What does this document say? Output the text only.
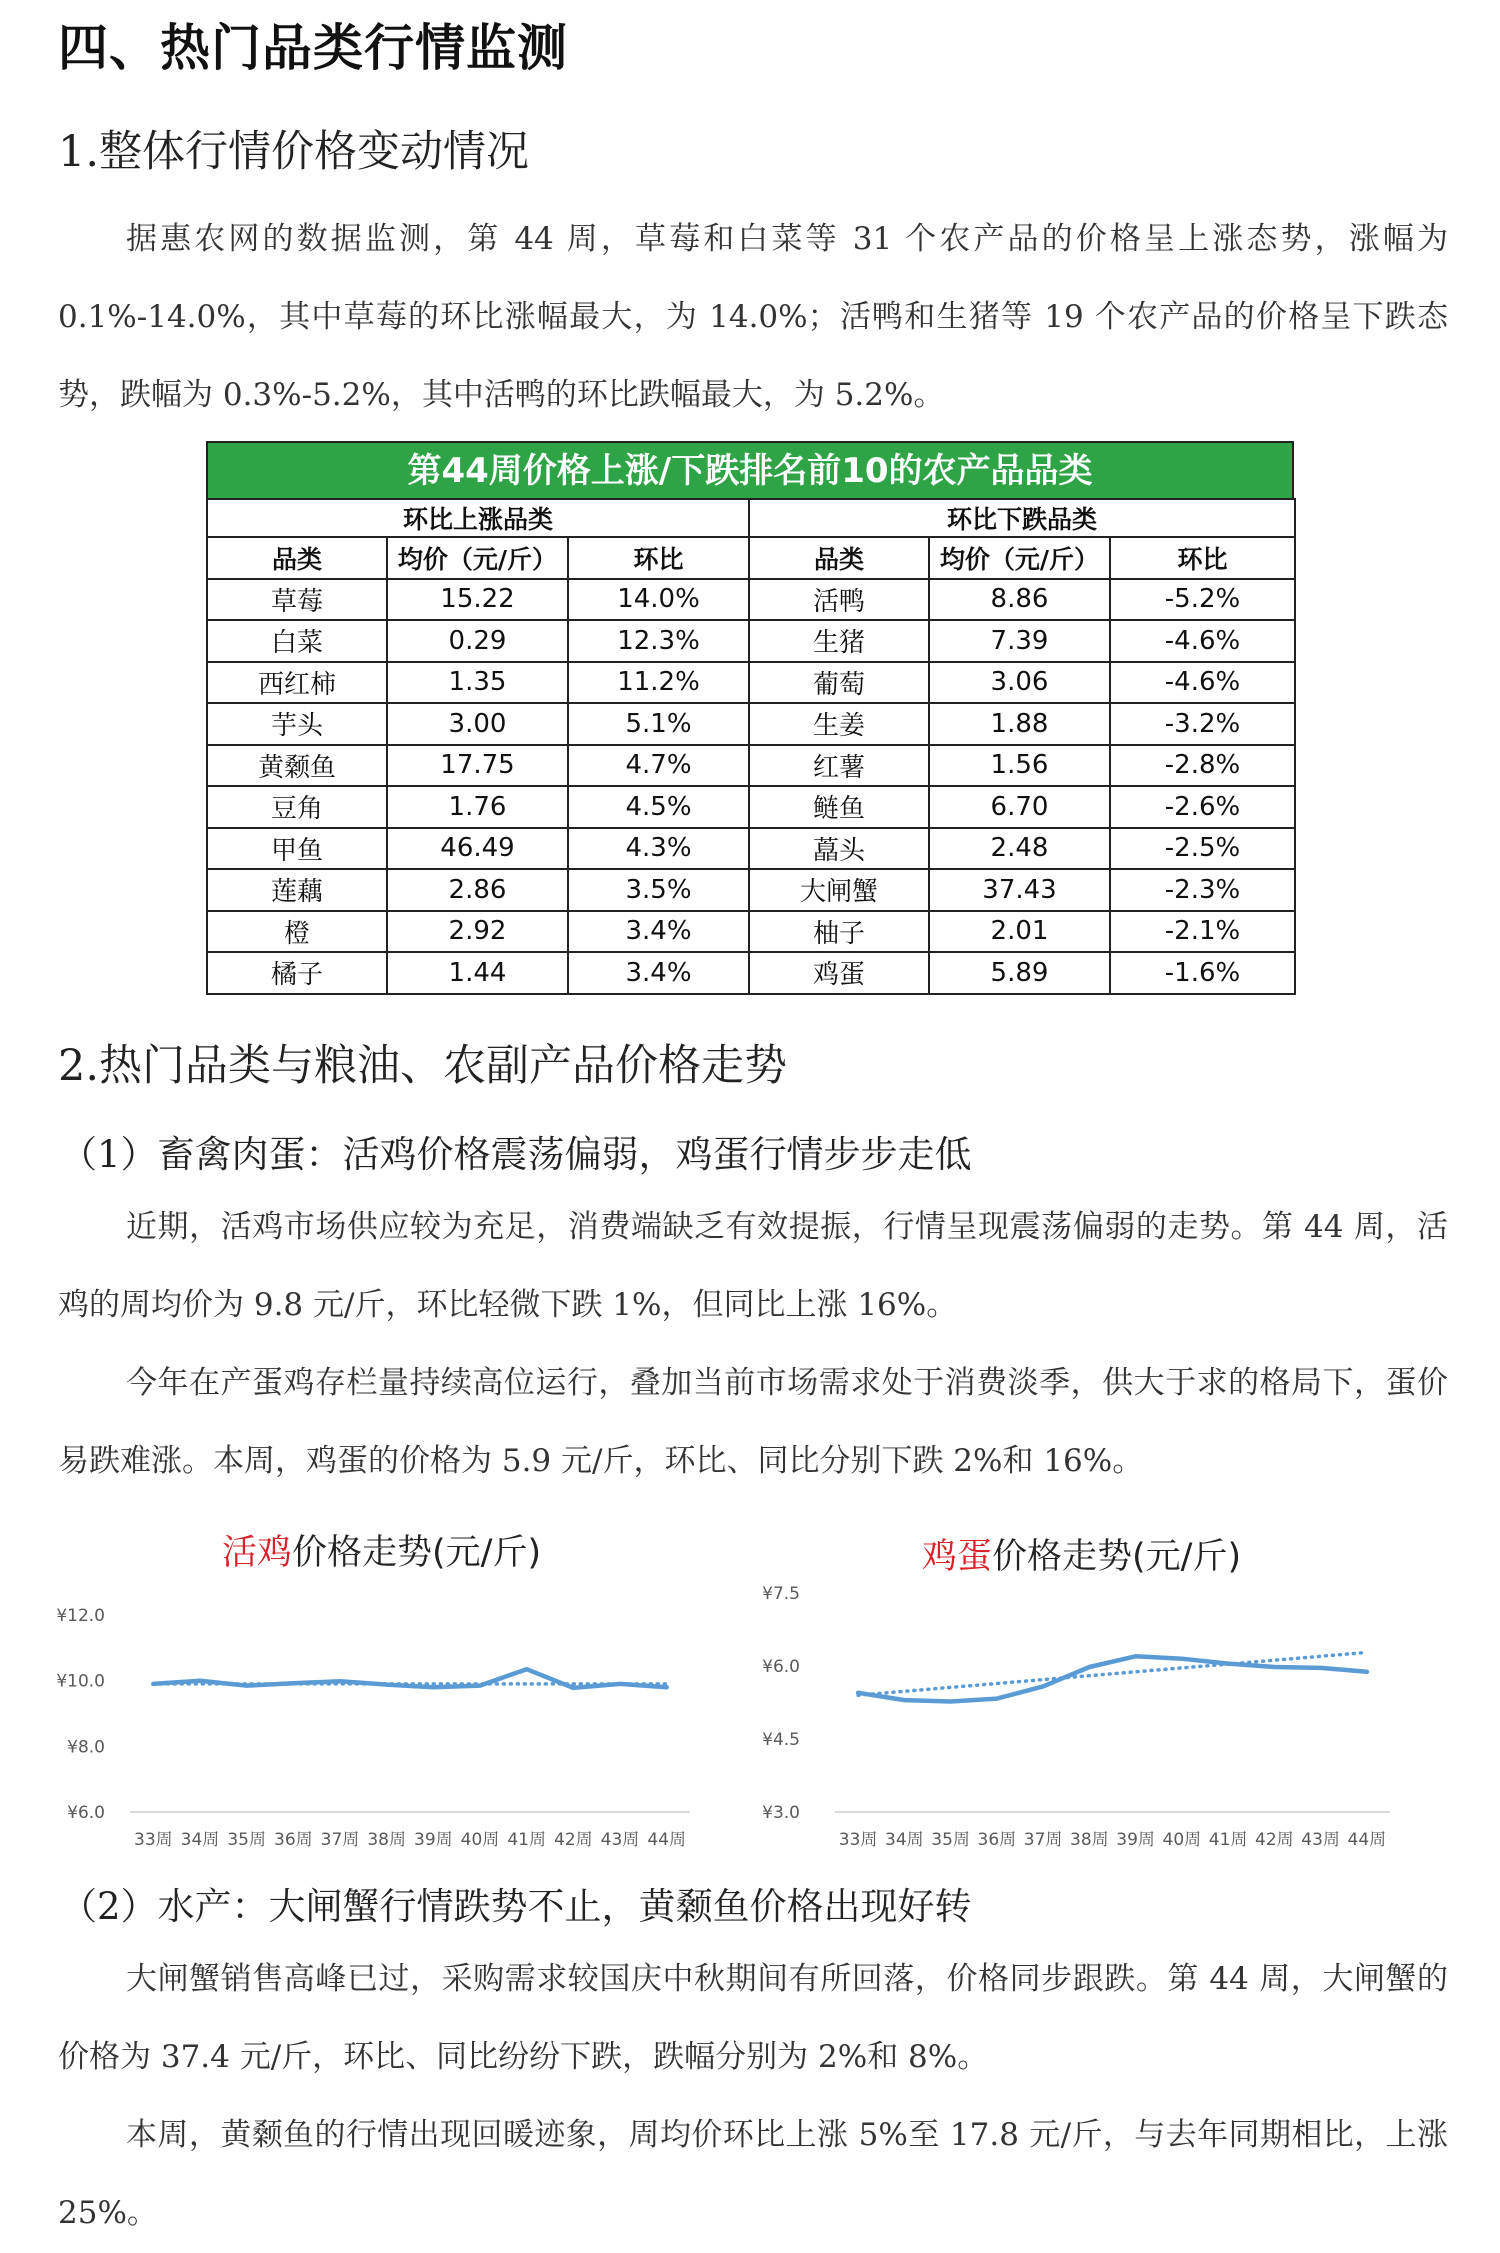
四、热门品类行情监测
1.整体行情价格变动情况
据惠农网的数据监测，第 44 周，草莓和白菜等 31 个农产品的价格呈上涨态势，涨幅为 0.1%-14.0%，其中草莓的环比涨幅最大，为 14.0%；活鸭和生猪等 19 个农产品的价格呈下跌态势，跌幅为 0.3%-5.2%，其中活鸭的环比跌幅最大，为 5.2%。
第44周价格上涨/下跌排名前10的农产品品类
环比上涨品类			环比下跌品类		
品类	均价（元/斤）	环比	品类	均价（元/斤）	环比
草莓	15.22	14.0%	活鸭	8.86	-5.2%
白菜	0.29	12.3%	生猪	7.39	-4.6%
西红柿	1.35	11.2%	葡萄	3.06	-4.6%
芋头	3.00	5.1%	生姜	1.88	-3.2%
黄颡鱼	17.75	4.7%	红薯	1.56	-2.8%
豆角	1.76	4.5%	鲢鱼	6.70	-2.6%
甲鱼	46.49	4.3%	藠头	2.48	-2.5%
莲藕	2.86	3.5%	大闸蟹	37.43	-2.3%
橙	2.92	3.4%	柚子	2.01	-2.1%
橘子	1.44	3.4%	鸡蛋	5.89	-1.6%
2.热门品类与粮油、农副产品价格走势
（1）畜禽肉蛋：活鸡价格震荡偏弱，鸡蛋行情步步走低
近期，活鸡市场供应较为充足，消费端缺乏有效提振，行情呈现震荡偏弱的走势。第 44 周，活鸡的周均价为 9.8 元/斤，环比轻微下跌 1%，但同比上涨 16%。
今年在产蛋鸡存栏量持续高位运行，叠加当前市场需求处于消费淡季，供大于求的格局下，蛋价易跌难涨。本周，鸡蛋的价格为 5.9 元/斤，环比、同比分别下跌 2%和 16%。
活鸡价格走势(元/斤)
¥12.0
¥10.0
¥8.0
¥6.0
33周 34周 35周 36周 37周 38周 39周 40周 41周 42周 43周 44周
鸡蛋价格走势(元/斤)
¥7.5
¥6.0
¥4.5
¥3.0
33周 34周 35周 36周 37周 38周 39周 40周 41周 42周 43周 44周
（2）水产：大闸蟹行情跌势不止，黄颡鱼价格出现好转
大闸蟹销售高峰已过，采购需求较国庆中秋期间有所回落，价格同步跟跌。第 44 周，大闸蟹的价格为 37.4 元/斤，环比、同比纷纷下跌，跌幅分别为 2%和 8%。
本周，黄颡鱼的行情出现回暖迹象，周均价环比上涨 5%至 17.8 元/斤，与去年同期相比，上涨 25%。
